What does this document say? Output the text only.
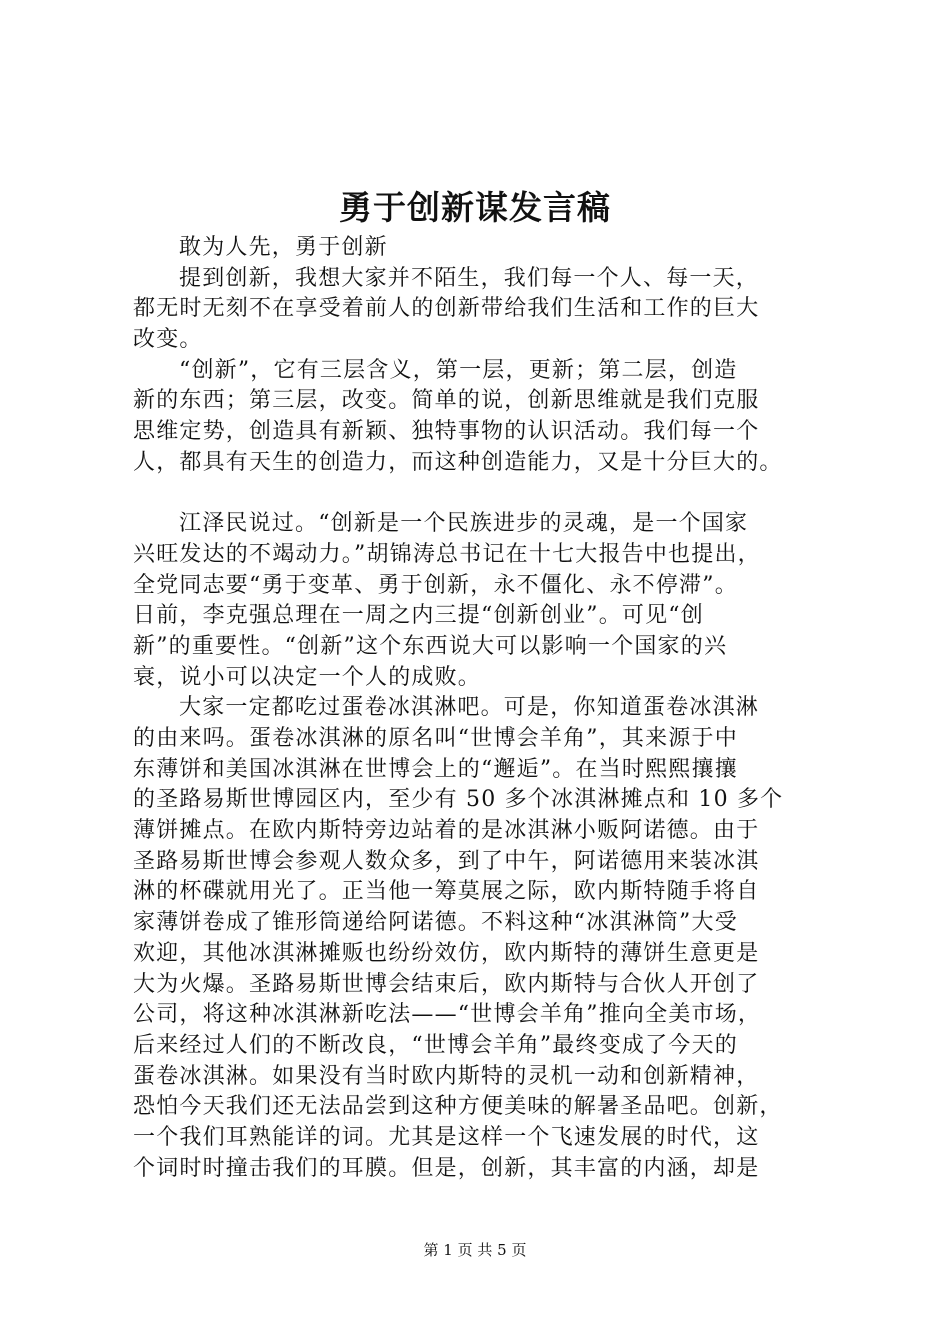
勇于创新谋发言稿
敢为人先，勇于创新
提到创新，我想大家并不陌生，我们每一个人、每一天，
都无时无刻不在享受着前人的创新带给我们生活和工作的巨大
改变。
“创新”，它有三层含义，第一层，更新；第二层，创造
新的东西；第三层，改变。简单的说，创新思维就是我们克服
思维定势，创造具有新颖、独特事物的认识活动。我们每一个
人，都具有天生的创造力，而这种创造能力，又是十分巨大的。
江泽民说过。“创新是一个民族进步的灵魂，是一个国家
兴旺发达的不竭动力。”胡锦涛总书记在十七大报告中也提出，
全党同志要“勇于变革、勇于创新，永不僵化、永不停滞”。
日前，李克强总理在一周之内三提“创新创业”。可见“创
新”的重要性。“创新”这个东西说大可以影响一个国家的兴
衰，说小可以决定一个人的成败。
大家一定都吃过蛋卷冰淇淋吧。可是，你知道蛋卷冰淇淋
的由来吗。蛋卷冰淇淋的原名叫“世博会羊角”，其来源于中
东薄饼和美国冰淇淋在世博会上的“邂逅”。在当时熙熙攘攘
的圣路易斯世博园区内，至少有 50 多个冰淇淋摊点和 10 多个
薄饼摊点。在欧内斯特旁边站着的是冰淇淋小贩阿诺德。由于
圣路易斯世博会参观人数众多，到了中午，阿诺德用来装冰淇
淋的杯碟就用光了。正当他一筹莫展之际，欧内斯特随手将自
家薄饼卷成了锥形筒递给阿诺德。不料这种“冰淇淋筒”大受
欢迎，其他冰淇淋摊贩也纷纷效仿，欧内斯特的薄饼生意更是
大为火爆。圣路易斯世博会结束后，欧内斯特与合伙人开创了
公司，将这种冰淇淋新吃法——“世博会羊角”推向全美市场，
后来经过人们的不断改良，“世博会羊角”最终变成了今天的
蛋卷冰淇淋。如果没有当时欧内斯特的灵机一动和创新精神，
恐怕今天我们还无法品尝到这种方便美味的解暑圣品吧。创新，
一个我们耳熟能详的词。尤其是这样一个飞速发展的时代，这
个词时时撞击我们的耳膜。但是，创新，其丰富的内涵，却是
第 1 页 共 5 页
